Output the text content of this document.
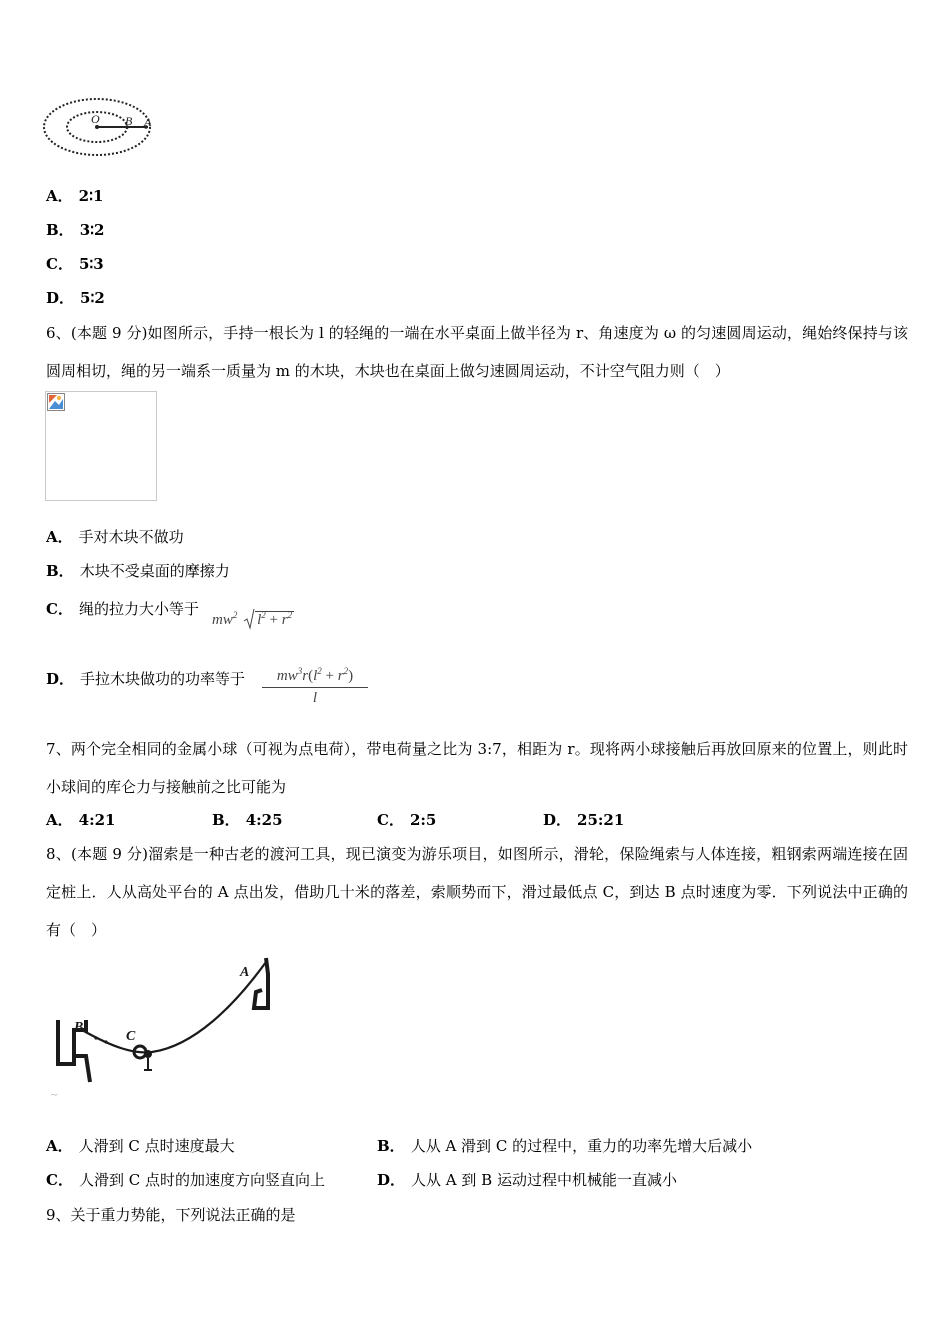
O B A
A． 2∶1
B． 3∶2
C． 5∶3
D． 5∶2
6、(本题 9 分)如图所示，手持一根长为 l 的轻绳的一端在水平桌面上做半径为 r、角速度为 ω 的匀速圆周运动，绳始终保持与该圆周相切，绳的另一端系一质量为 m 的木块，木块也在桌面上做匀速圆周运动，不计空气阻力则（　）
A． 手对木块不做功
B． 木块不受桌面的摩擦力
C． 绳的拉力大小等于
$mw^2$ $l^2 + r^2$
D． 手拉木块做功的功率等于 $\frac{mw^3r(l^2 + r^2)}{l}$
7、两个完全相同的金属小球（可视为点电荷），带电荷量之比为 3:7，相距为 r。现将两小球接触后再放回原来的位置上，则此时小球间的库仑力与接触前之比可能为
A． 4:21	B． 4:25	C． 2:5	D． 25:21
8、(本题 9 分)溜索是一种古老的渡河工具，现已演变为游乐项目，如图所示，滑轮，保险绳索与人体连接，粗钢索两端连接在固定桩上．人从高处平台的 A 点出发，借助几十米的落差，索顺势而下，滑过最低点 C，到达 B 点时速度为零．下列说法中正确的有（　）
~
B
C
A
A． 人滑到 C 点时速度最大	B． 人从 A 滑到 C 的过程中，重力的功率先增大后减小
C． 人滑到 C 点时的加速度方向竖直向上	D． 人从 A 到 B 运动过程中机械能一直减小
9、关于重力势能，下列说法正确的是
